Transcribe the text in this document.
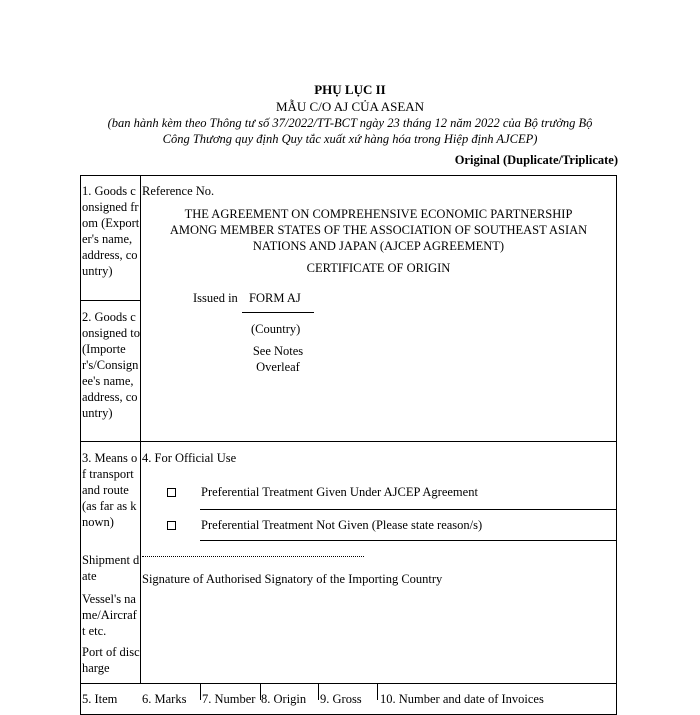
PHỤ LỤC II
MẪU C/O AJ CỦA ASEAN
(ban hành kèm theo Thông tư số 37/2022/TT-BCT ngày 23 tháng 12 năm 2022 của Bộ trưởng Bộ
Công Thương quy định Quy tắc xuất xứ hàng hóa trong Hiệp định AJCEP)
Original (Duplicate/Triplicate)
1. Goods consigned from (Exporter's name, address, country)
2. Goods consigned to (Importer's/Consignee's name, address, country)
3. Means of transport and route (as far as known)
Shipment date
Vessel's name/Aircraft etc.
Port of discharge
Reference No.
THE AGREEMENT ON COMPREHENSIVE ECONOMIC PARTNERSHIP
AMONG MEMBER STATES OF THE ASSOCIATION OF SOUTHEAST ASIAN
NATIONS AND JAPAN (AJCEP AGREEMENT)
CERTIFICATE OF ORIGIN
Issued in FORM AJ
(Country)
See Notes
Overleaf
4. For Official Use
Preferential Treatment Given Under AJCEP Agreement
Preferential Treatment Not Given (Please state reason/s)
Signature of Authorised Signatory of the Importing Country
5. Item 6. Marks 7. Number 8. Origin 9. Gross 10. Number and date of Invoices
